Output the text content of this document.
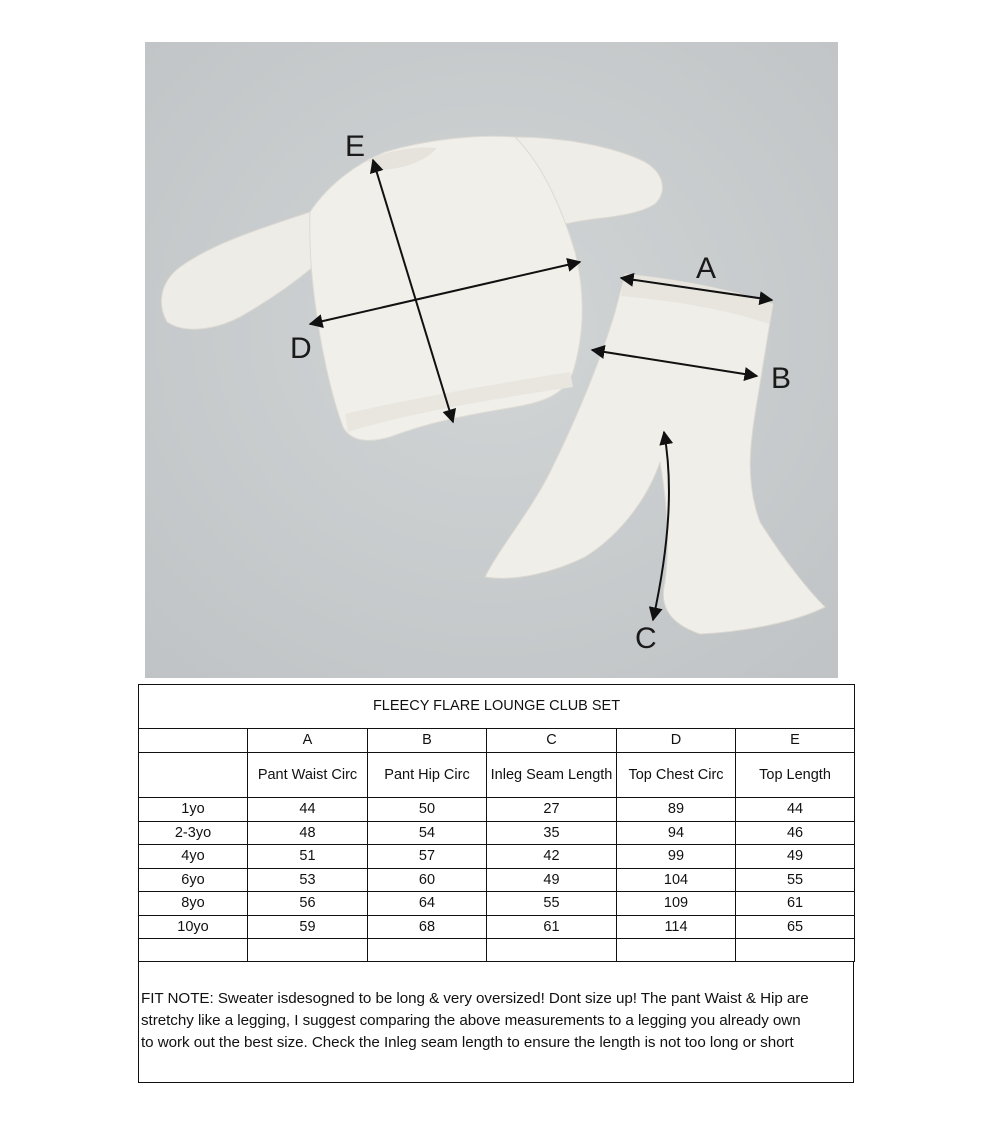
E
D
A
B
C
FLEECY FLARE LOUNGE CLUB SET					
	A	B	C	D	E
	Pant Waist Circ	Pant Hip Circ	Inleg Seam Length	Top Chest Circ	Top Length
1yo	44	50	27	89	44
2-3yo	48	54	35	94	46
4yo	51	57	42	99	49
6yo	53	60	49	104	55
8yo	56	64	55	109	61
10yo	59	68	61	114	65

FIT NOTE: Sweater isdesogned to be long & very oversized! Dont size up! The pant Waist & Hip are
stretchy like a legging, I suggest comparing the above measurements to a legging you already own
to work out the best size. Check the Inleg seam length to ensure the length is not too long or short
